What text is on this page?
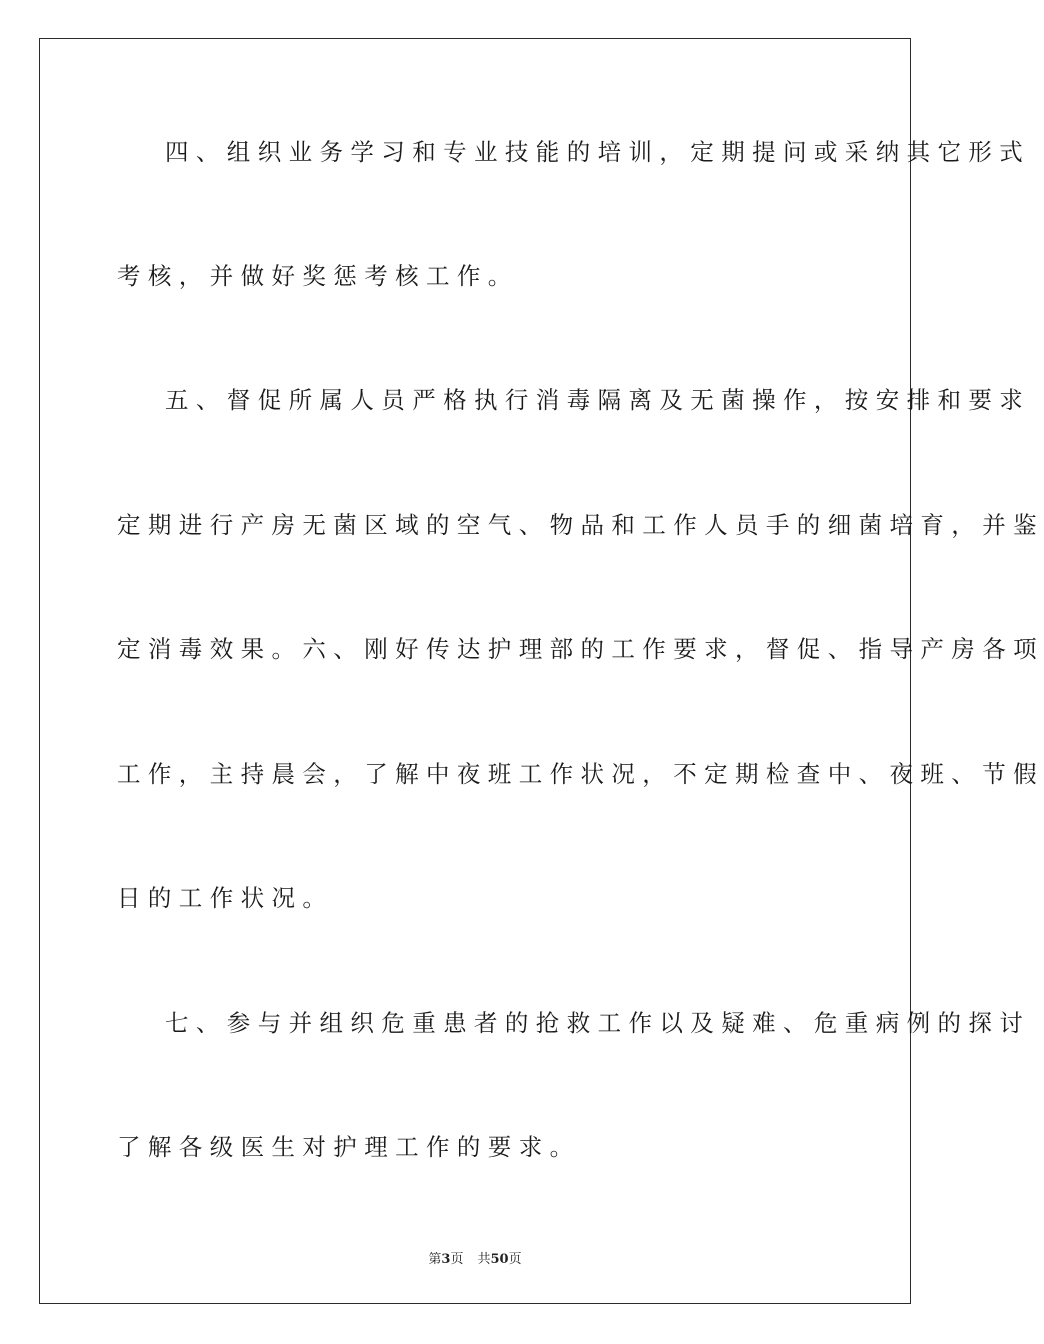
四、组织业务学习和专业技能的培训，定期提问或采纳其它形式
考核，并做好奖惩考核工作。
五、督促所属人员严格执行消毒隔离及无菌操作，按安排和要求
定期进行产房无菌区域的空气、物品和工作人员手的细菌培育，并鉴
定消毒效果。六、刚好传达护理部的工作要求，督促、指导产房各项
工作，主持晨会，了解中夜班工作状况，不定期检查中、夜班、节假
日的工作状况。
七、参与并组织危重患者的抢救工作以及疑难、危重病例的探讨
了解各级医生对护理工作的要求。
第3页 共50页
